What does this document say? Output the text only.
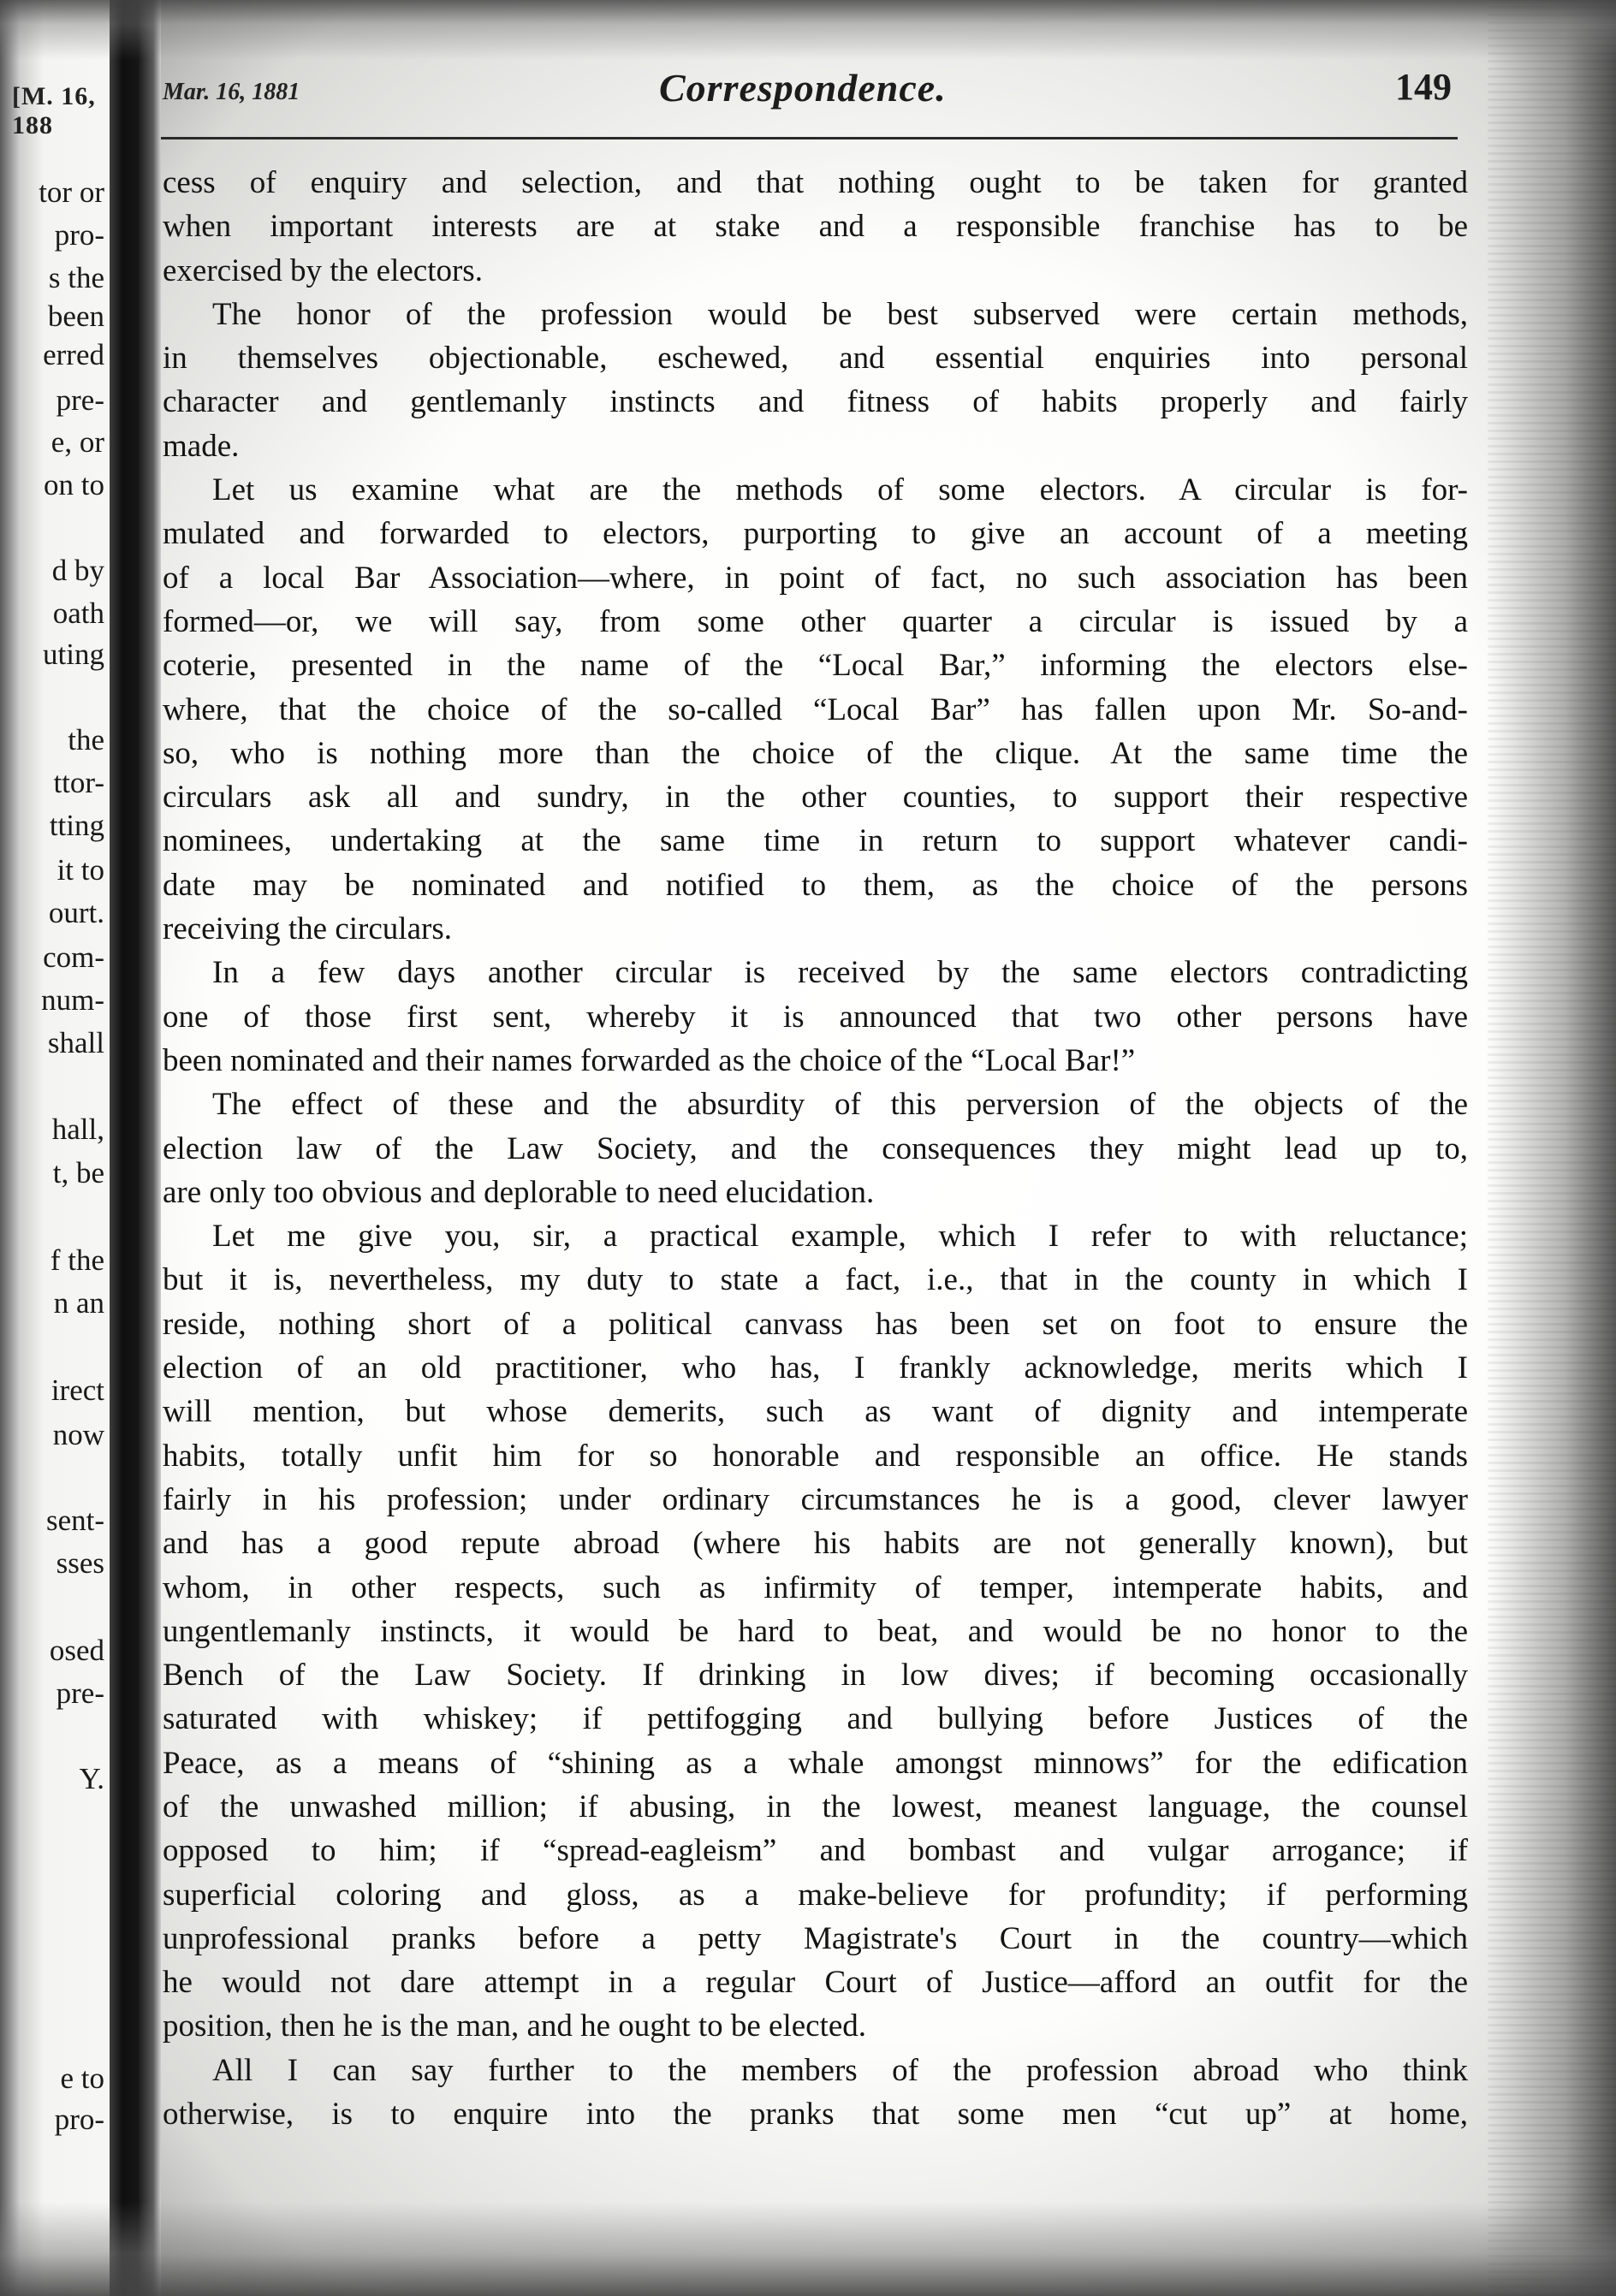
[M. 16, 188
tor or
pro-
s the
been
erred
pre-
e, or
on to
d by
oath
uting
the
ttor-
tting
it to
ourt.
com-
num-
shall
hall,
t, be
f the
n an
irect
now
sent-
sses
osed
pre-
Y.
e to
pro-
Mar. 16, 1881	Correspondence.	149
cess of enquiry and selection, and that nothing ought to be taken for granted
when important interests are at stake and a responsible franchise has to be
exercised by the electors.
The honor of the profession would be best subserved were certain methods,
in themselves objectionable, eschewed, and essential enquiries into personal
character and gentlemanly instincts and fitness of habits properly and fairly
made.
Let us examine what are the methods of some electors. A circular is for-
mulated and forwarded to electors, purporting to give an account of a meeting
of a local Bar Association—where, in point of fact, no such association has been
formed—or, we will say, from some other quarter a circular is issued by a
coterie, presented in the name of the “Local Bar,” informing the electors else-
where, that the choice of the so-called “Local Bar” has fallen upon Mr. So-and-
so, who is nothing more than the choice of the clique. At the same time the
circulars ask all and sundry, in the other counties, to support their respective
nominees, undertaking at the same time in return to support whatever candi-
date may be nominated and notified to them, as the choice of the persons
receiving the circulars.
In a few days another circular is received by the same electors contradicting
one of those first sent, whereby it is announced that two other persons have
been nominated and their names forwarded as the choice of the “Local Bar!”
The effect of these and the absurdity of this perversion of the objects of the
election law of the Law Society, and the consequences they might lead up to,
are only too obvious and deplorable to need elucidation.
Let me give you, sir, a practical example, which I refer to with reluctance;
but it is, nevertheless, my duty to state a fact, i.e., that in the county in which I
reside, nothing short of a political canvass has been set on foot to ensure the
election of an old practitioner, who has, I frankly acknowledge, merits which I
will mention, but whose demerits, such as want of dignity and intemperate
habits, totally unfit him for so honorable and responsible an office. He stands
fairly in his profession; under ordinary circumstances he is a good, clever lawyer
and has a good repute abroad (where his habits are not generally known), but
whom, in other respects, such as infirmity of temper, intemperate habits, and
ungentlemanly instincts, it would be hard to beat, and would be no honor to the
Bench of the Law Society. If drinking in low dives; if becoming occasionally
saturated with whiskey; if pettifogging and bullying before Justices of the
Peace, as a means of “shining as a whale amongst minnows” for the edification
of the unwashed million; if abusing, in the lowest, meanest language, the counsel
opposed to him; if “spread-eagleism” and bombast and vulgar arrogance; if
superficial coloring and gloss, as a make-believe for profundity; if performing
unprofessional pranks before a petty Magistrate's Court in the country—which
he would not dare attempt in a regular Court of Justice—afford an outfit for the
position, then he is the man, and he ought to be elected.
All I can say further to the members of the profession abroad who think
otherwise, is to enquire into the pranks that some men “cut up” at home,
